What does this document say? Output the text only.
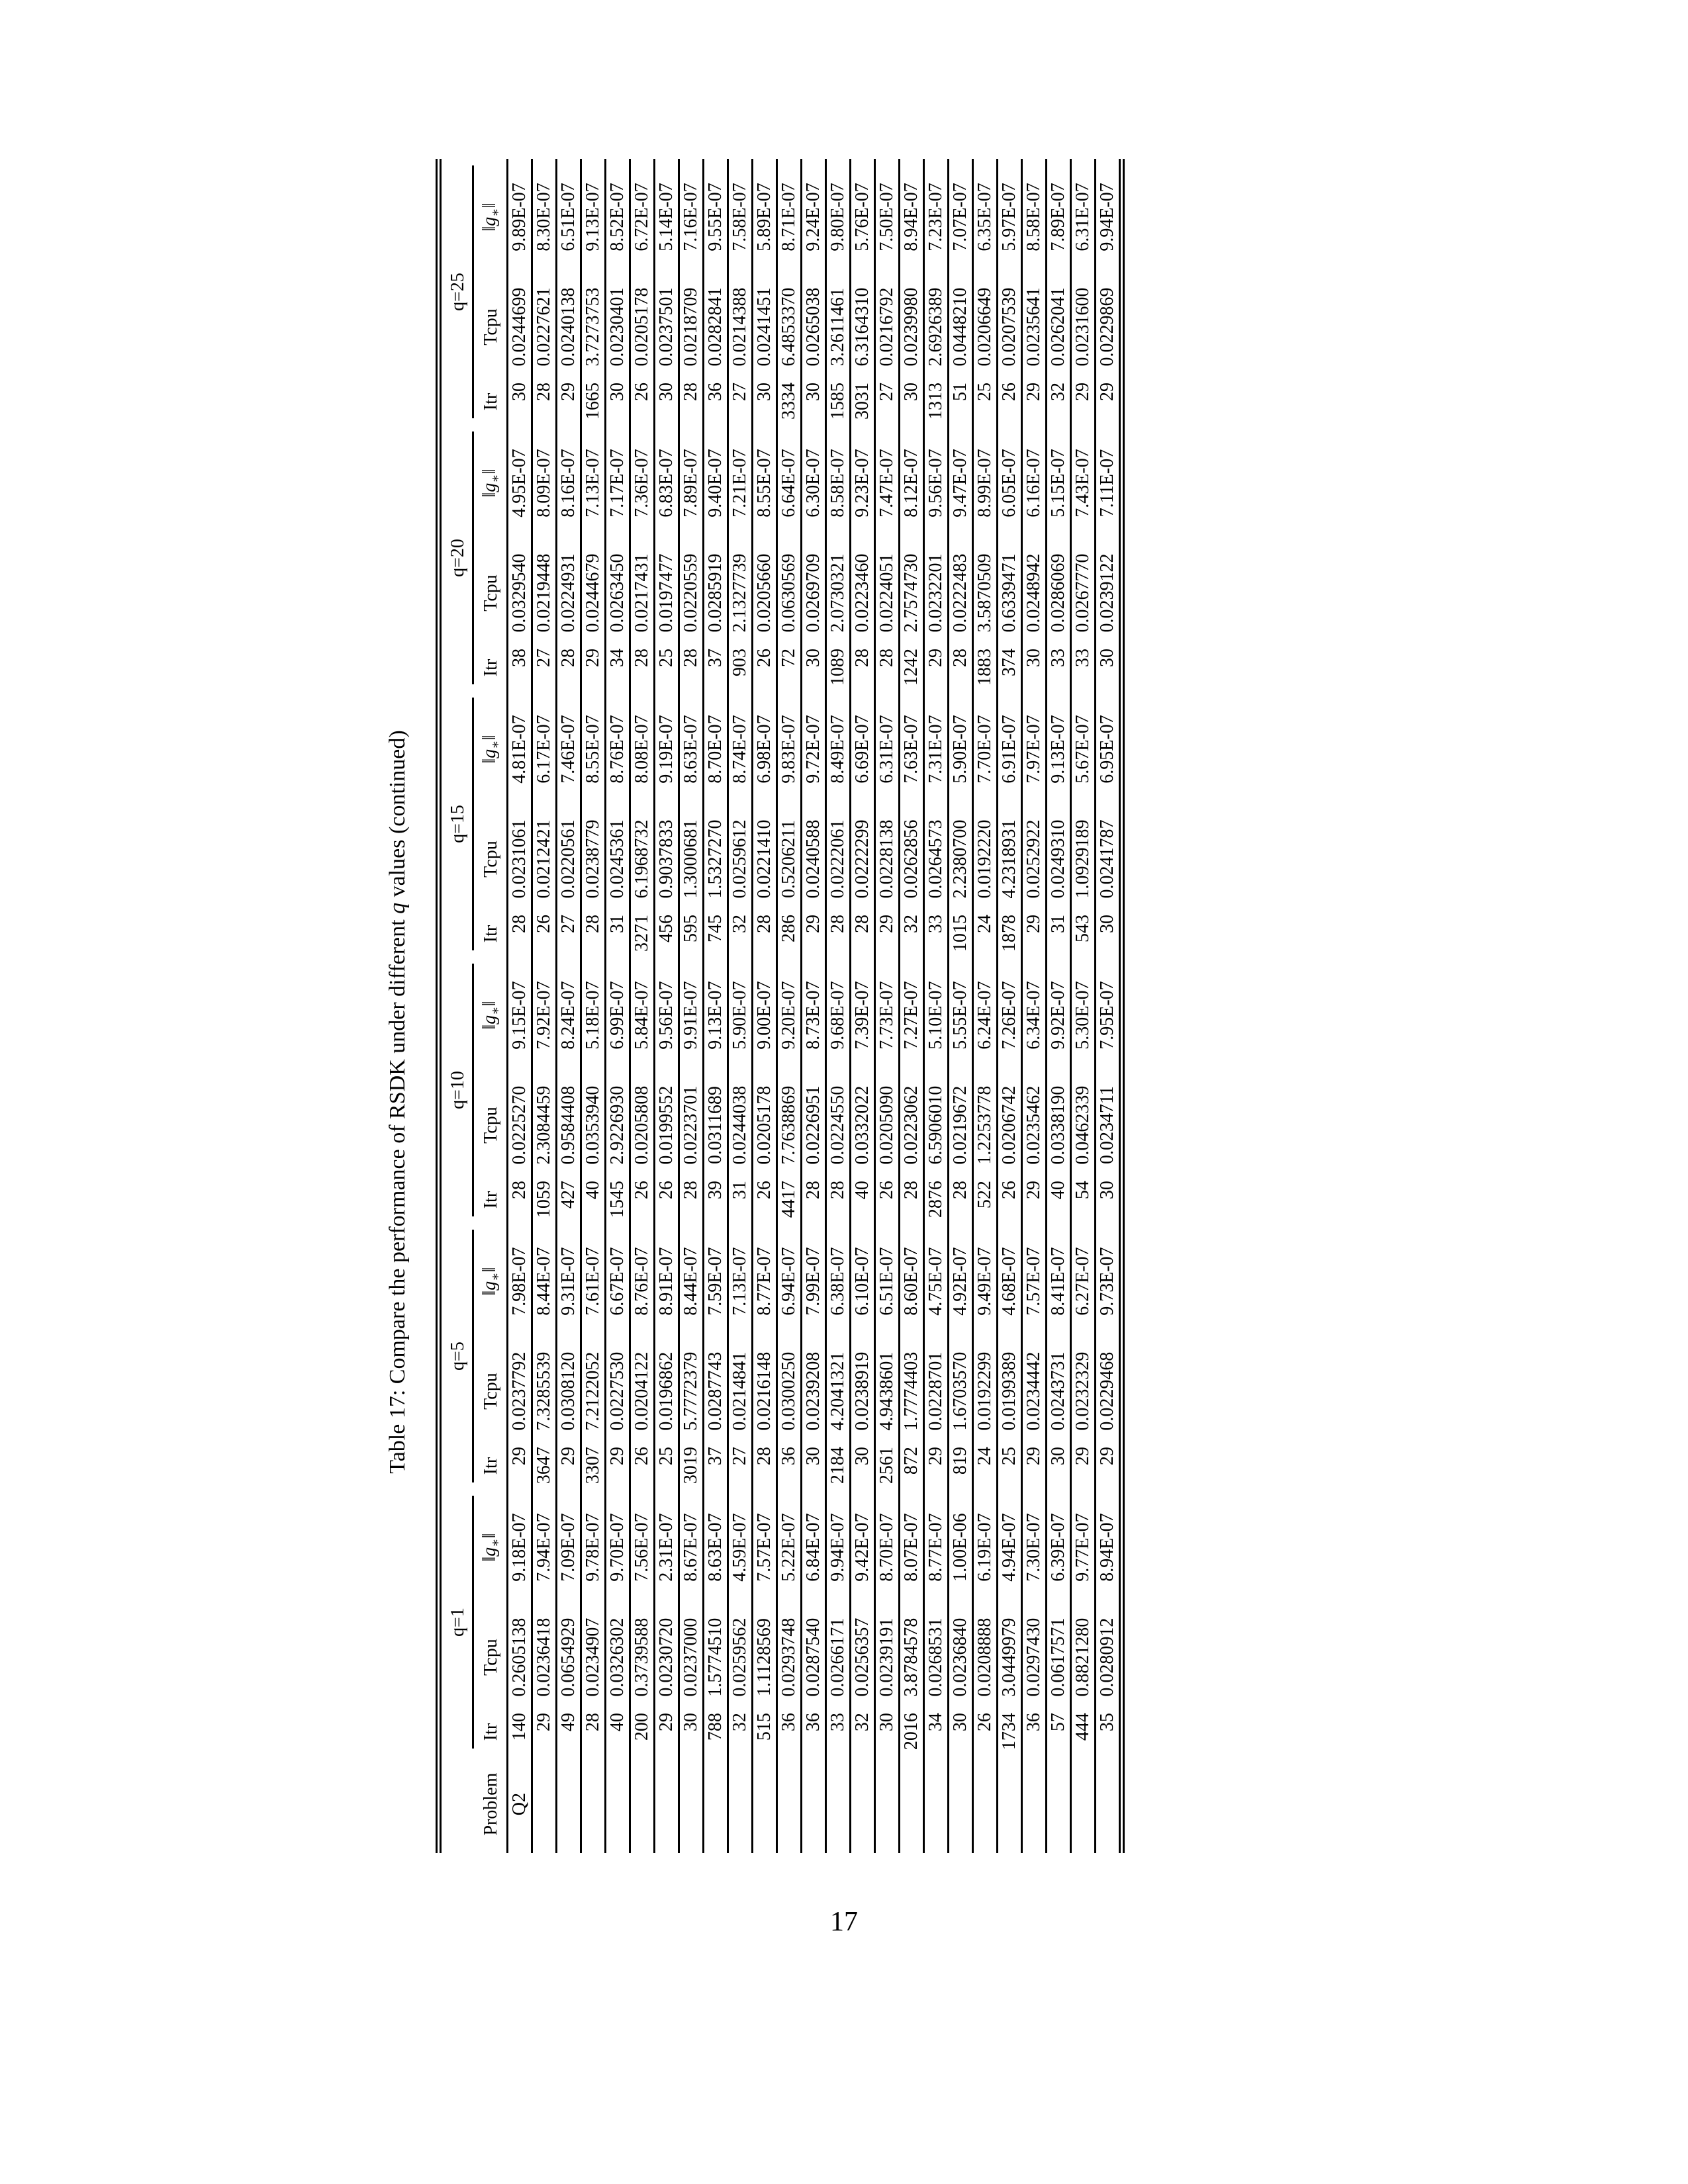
Table 17: Compare the performance of RSDK under different q values (continued)

	q=1			q=5			q=10			q=15			q=20			q=25		

Problem	Itr	Tcpu	$‖g_∗‖$	Itr	Tcpu	$‖g_∗‖$	Itr	Tcpu	$‖g_∗‖$	Itr	Tcpu	$‖g_∗‖$	Itr	Tcpu	$‖g_∗‖$	Itr	Tcpu	$‖g_∗‖$
Q2	140	0.2605138	9.18E-07	29	0.0237792	7.98E-07	28	0.0225270	9.15E-07	28	0.0231061	4.81E-07	38	0.0329540	4.95E-07	30	0.0244699	9.89E-07
	29	0.0236418	7.94E-07	3647	7.3285539	8.44E-07	1059	2.3084459	7.92E-07	26	0.0212421	6.17E-07	27	0.0219448	8.09E-07	28	0.0227621	8.30E-07
	49	0.0654929	7.09E-07	29	0.0308120	9.31E-07	427	0.9584408	8.24E-07	27	0.0220561	7.46E-07	28	0.0224931	8.16E-07	29	0.0240138	6.51E-07
	28	0.0234907	9.78E-07	3307	7.2122052	7.61E-07	40	0.0353940	5.18E-07	28	0.0238779	8.55E-07	29	0.0244679	7.13E-07	1665	3.7273753	9.13E-07
	40	0.0326302	9.70E-07	29	0.0227530	6.67E-07	1545	2.9226930	6.99E-07	31	0.0245361	8.76E-07	34	0.0263450	7.17E-07	30	0.0230401	8.52E-07
	200	0.3739588	7.56E-07	26	0.0204122	8.76E-07	26	0.0205808	5.84E-07	3271	6.1968732	8.08E-07	28	0.0217431	7.36E-07	26	0.0205178	6.72E-07
	29	0.0230720	2.31E-07	25	0.0196862	8.91E-07	26	0.0199552	9.56E-07	456	0.9037833	9.19E-07	25	0.0197477	6.83E-07	30	0.0237501	5.14E-07
	30	0.0237000	8.67E-07	3019	5.7772379	8.44E-07	28	0.0223701	9.91E-07	595	1.3000681	8.63E-07	28	0.0220559	7.89E-07	28	0.0218709	7.16E-07
	788	1.5774510	8.63E-07	37	0.0287743	7.59E-07	39	0.0311689	9.13E-07	745	1.5327270	8.70E-07	37	0.0285919	9.40E-07	36	0.0282841	9.55E-07
	32	0.0259562	4.59E-07	27	0.0214841	7.13E-07	31	0.0244038	5.90E-07	32	0.0259612	8.74E-07	903	2.1327739	7.21E-07	27	0.0214388	7.58E-07
	515	1.1128569	7.57E-07	28	0.0216148	8.77E-07	26	0.0205178	9.00E-07	28	0.0221410	6.98E-07	26	0.0205660	8.55E-07	30	0.0241451	5.89E-07
	36	0.0293748	5.22E-07	36	0.0300250	6.94E-07	4417	7.7638869	9.20E-07	286	0.5206211	9.83E-07	72	0.0630569	6.64E-07	3334	6.4853370	8.71E-07
	36	0.0287540	6.84E-07	30	0.0239208	7.99E-07	28	0.0226951	8.73E-07	29	0.0240588	9.72E-07	30	0.0269709	6.30E-07	30	0.0265038	9.24E-07
	33	0.0266171	9.94E-07	2184	4.2041321	6.38E-07	28	0.0224550	9.68E-07	28	0.0222061	8.49E-07	1089	2.0730321	8.58E-07	1585	3.2611461	9.80E-07
	32	0.0256357	9.42E-07	30	0.0238919	6.10E-07	40	0.0332022	7.39E-07	28	0.0222299	6.69E-07	28	0.0223460	9.23E-07	3031	6.3164310	5.76E-07
	30	0.0239191	8.70E-07	2561	4.9438601	6.51E-07	26	0.0205090	7.73E-07	29	0.0228138	6.31E-07	28	0.0224051	7.47E-07	27	0.0216792	7.50E-07
	2016	3.8784578	8.07E-07	872	1.7774403	8.60E-07	28	0.0223062	7.27E-07	32	0.0262856	7.63E-07	1242	2.7574730	8.12E-07	30	0.0239980	8.94E-07
	34	0.0268531	8.77E-07	29	0.0228701	4.75E-07	2876	6.5906010	5.10E-07	33	0.0264573	7.31E-07	29	0.0232201	9.56E-07	1313	2.6926389	7.23E-07
	30	0.0236840	1.00E-06	819	1.6703570	4.92E-07	28	0.0219672	5.55E-07	1015	2.2380700	5.90E-07	28	0.0222483	9.47E-07	51	0.0448210	7.07E-07
	26	0.0208888	6.19E-07	24	0.0192299	9.49E-07	522	1.2253778	6.24E-07	24	0.0192220	7.70E-07	1883	3.5870509	8.99E-07	25	0.0206649	6.35E-07
	1734	3.0449979	4.94E-07	25	0.0199389	4.68E-07	26	0.0206742	7.26E-07	1878	4.2318931	6.91E-07	374	0.6339471	6.05E-07	26	0.0207539	5.97E-07
	36	0.0297430	7.30E-07	29	0.0234442	7.57E-07	29	0.0235462	6.34E-07	29	0.0252922	7.97E-07	30	0.0248942	6.16E-07	29	0.0235641	8.58E-07
	57	0.0617571	6.39E-07	30	0.0243731	8.41E-07	40	0.0338190	9.92E-07	31	0.0249310	9.13E-07	33	0.0286069	5.15E-07	32	0.0262041	7.89E-07
	444	0.8821280	9.77E-07	29	0.0232329	6.27E-07	54	0.0462339	5.30E-07	543	1.0929189	5.67E-07	33	0.0267770	7.43E-07	29	0.0231600	6.31E-07
	35	0.0280912	8.94E-07	29	0.0229468	9.73E-07	30	0.0234711	7.95E-07	30	0.0241787	6.95E-07	30	0.0239122	7.11E-07	29	0.0229869	9.94E-07
17
